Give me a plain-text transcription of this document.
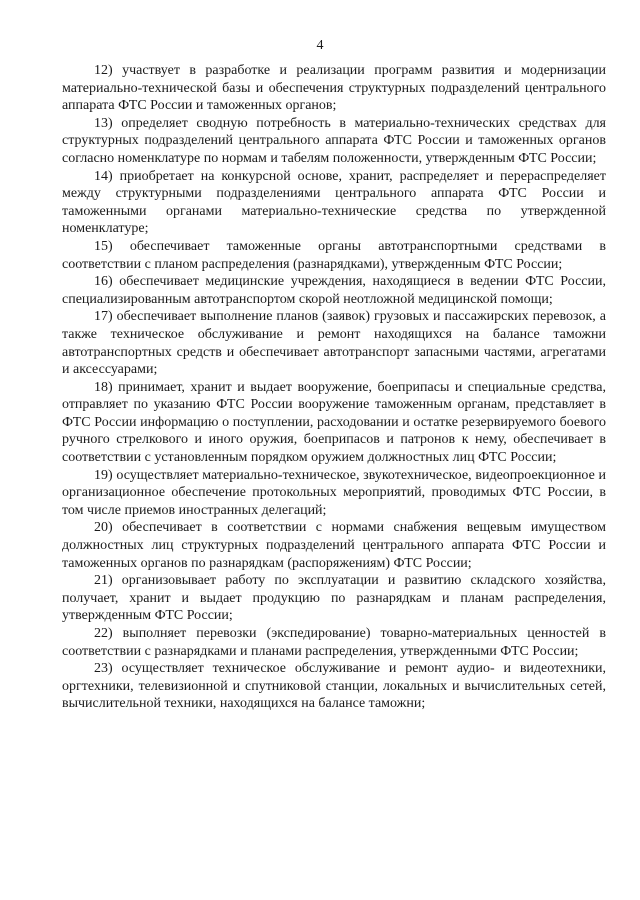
4

12) участвует в разработке и реализации программ развития и модернизации материально-технической базы и обеспечения структурных подразделений центрального аппарата ФТС России и таможенных органов;

13) определяет сводную потребность в материально-технических средствах для структурных подразделений центрального аппарата ФТС России и таможенных органов согласно номенклатуре по нормам и табелям положенности, утвержденным ФТС России;

14) приобретает на конкурсной основе, хранит, распределяет и перераспределяет между структурными подразделениями центрального аппарата ФТС России и таможенными органами материально-технические средства по утвержденной номенклатуре;

15) обеспечивает таможенные органы автотранспортными средствами в соответствии с планом распределения (разнарядками), утвержденным ФТС России;

16) обеспечивает медицинские учреждения, находящиеся в ведении ФТС России, специализированным автотранспортом скорой неотложной медицинской помощи;

17) обеспечивает выполнение планов (заявок) грузовых и пассажирских перевозок, а также техническое обслуживание и ремонт находящихся на балансе таможни автотранспортных средств и обеспечивает автотранспорт запасными частями, агрегатами и аксессуарами;

18) принимает, хранит и выдает вооружение, боеприпасы и специальные средства, отправляет по указанию ФТС России вооружение таможенным органам, представляет в ФТС России информацию о поступлении, расходовании и остатке резервируемого боевого ручного стрелкового и иного оружия, боеприпасов и патронов к нему, обеспечивает в соответствии с установленным порядком оружием должностных лиц ФТС России;

19) осуществляет материально-техническое, звукотехническое, видеопроекционное и организационное обеспечение протокольных мероприятий, проводимых ФТС России, в том числе приемов иностранных делегаций;

20) обеспечивает в соответствии с нормами снабжения вещевым имуществом должностных лиц структурных подразделений центрального аппарата ФТС России и таможенных органов по разнарядкам (распоряжениям) ФТС России;

21) организовывает работу по эксплуатации и развитию складского хозяйства, получает, хранит и выдает продукцию по разнарядкам и планам распределения, утвержденным ФТС России;

22) выполняет перевозки (экспедирование) товарно-материальных ценностей в соответствии с разнарядками и планами распределения, утвержденными ФТС России;

23) осуществляет техническое обслуживание и ремонт аудио- и видеотехники, оргтехники, телевизионной и спутниковой станции, локальных и вычислительных сетей, вычислительной техники, находящихся на балансе таможни;
